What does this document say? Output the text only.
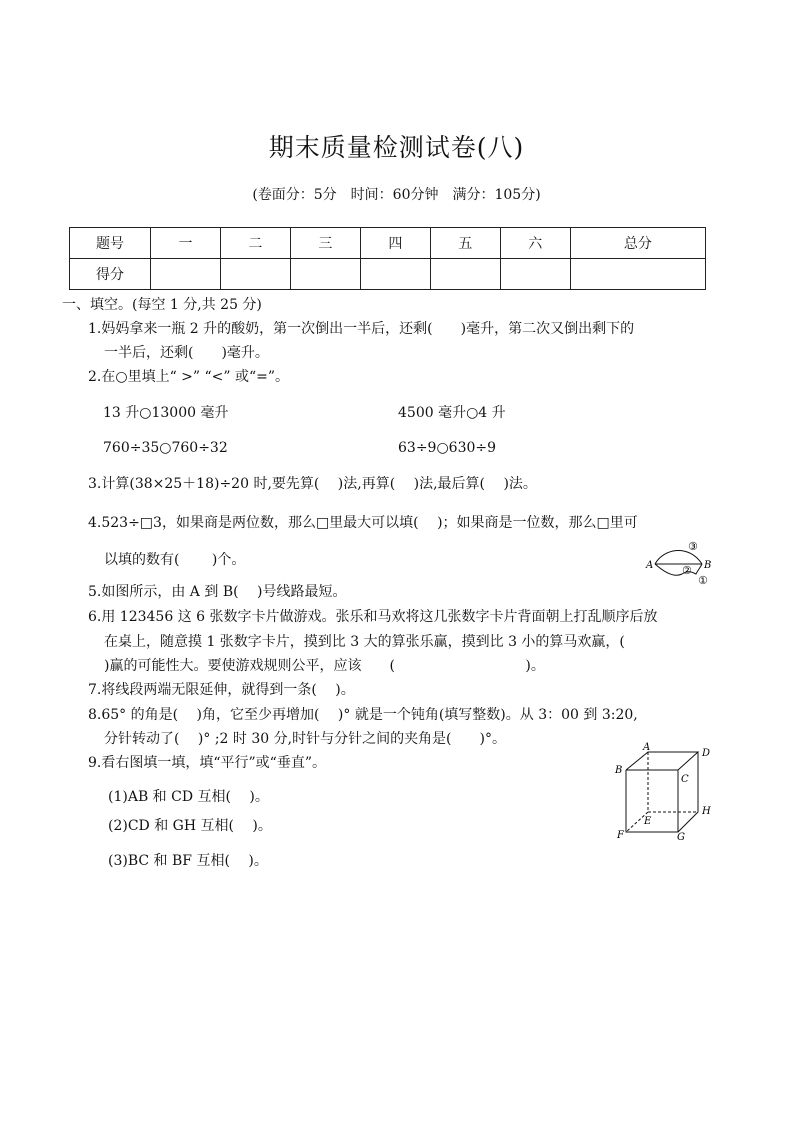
期末质量检测试卷(八)
(卷面分：5分　时间：60分钟　满分：105分)
题号	一	二	三	四	五	六	总分
得分							
一、填空。(每空 1 分,共 25 分)
1.妈妈拿来一瓶 2 升的酸奶，第一次倒出一半后，还剩(　　)毫升，第二次又倒出剩下的
一半后，还剩(　　)毫升。
2.在○里填上“ >” “<” 或“=”。
13 升○13000 毫升	4500 毫升○4 升
760÷35○760÷32	63÷9○630÷9
3.计算(38×25＋18)÷20 时,要先算(　 )法,再算(　 )法,最后算(　 )法。
4.523÷□3，如果商是两位数，那么□里最大可以填(　 )；如果商是一位数，那么□里可
以填的数有(　　 )个。
5.如图所示，由 A 到 B(　 )号线路最短。
6.用 123456 这 6 张数字卡片做游戏。张乐和马欢将这几张数字卡片背面朝上打乱顺序后放
在桌上，随意摸 1 张数字卡片，摸到比 3 大的算张乐赢，摸到比 3 小的算马欢赢，(
)赢的可能性大。要使游戏规则公平，应该　　(　　　　　　　　　 )。
7.将线段两端无限延伸，就得到一条(　 )。
8.65° 的角是(　 )角，它至少再增加(　 )° 就是一个钝角(填写整数)。从 3：00 到 3:20,
分针转动了(　 )° ;2 时 30 分,时针与分针之间的夹角是(　　)°。
9.看右图填一填，填“平行”或“垂直”。
(1)AB 和 CD 互相(　 )。
(2)CD 和 GH 互相(　 )。
(3)BC 和 BF 互相(　 )。
A	B
①
②
③
A
B
C
D
E
F	G
H
